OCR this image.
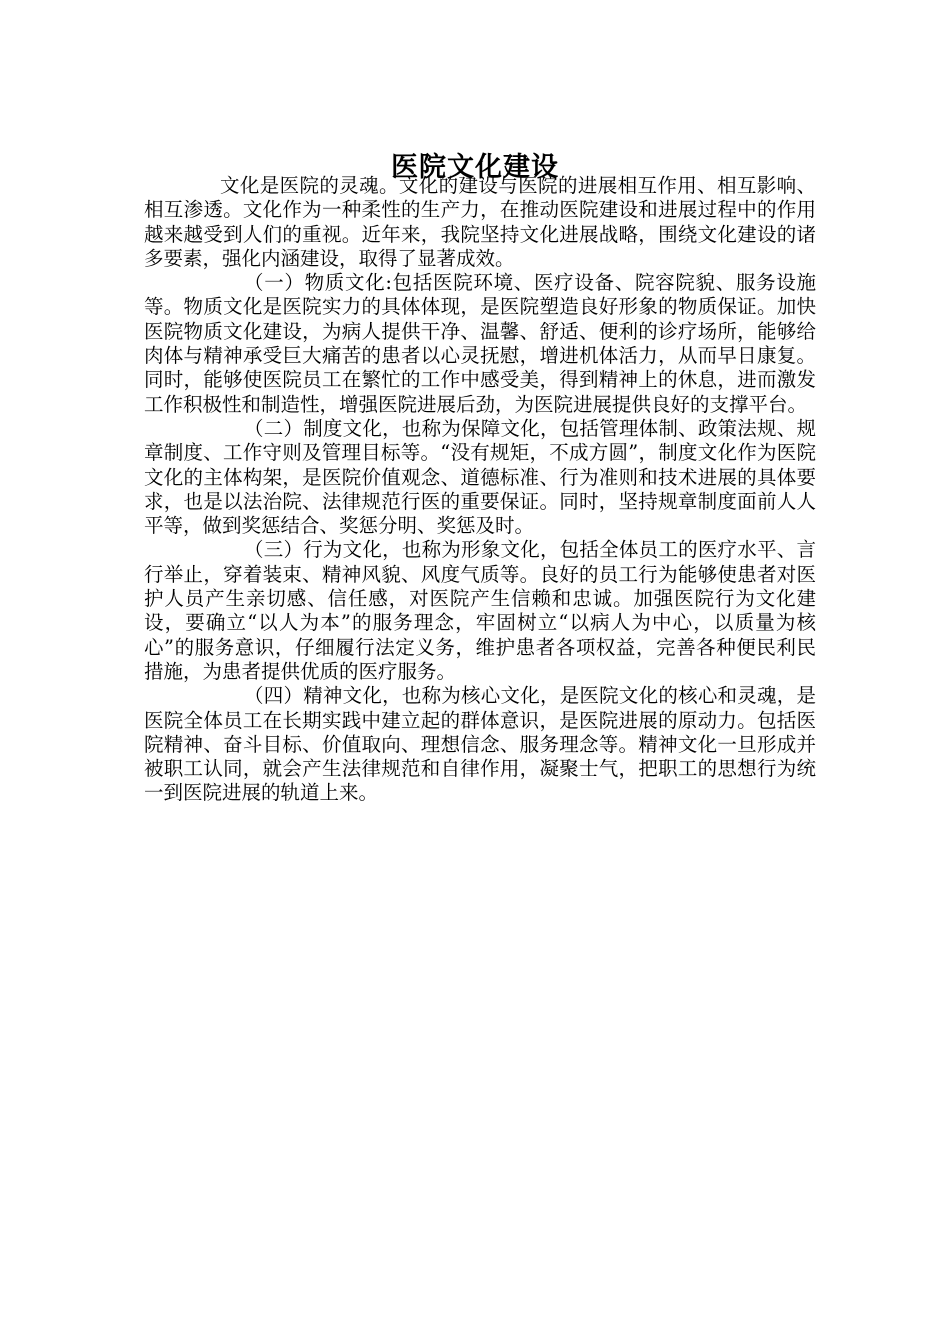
医院文化建设

文化是医院的灵魂。文化的建设与医院的进展相互作用、相互影响、相互渗透。文化作为一种柔性的生产力，在推动医院建设和进展过程中的作用越来越受到人们的重视。近年来，我院坚持文化进展战略，围绕文化建设的诸多要素，强化内涵建设，取得了显著成效。

（一）物质文化:包括医院环境、医疗设备、院容院貌、服务设施等。物质文化是医院实力的具体体现，是医院塑造良好形象的物质保证。加快医院物质文化建设，为病人提供干净、温馨、舒适、便利的诊疗场所，能够给肉体与精神承受巨大痛苦的患者以心灵抚慰，增进机体活力，从而早日康复。同时，能够使医院员工在繁忙的工作中感受美，得到精神上的休息，进而激发工作积极性和制造性，增强医院进展后劲，为医院进展提供良好的支撑平台。

（二）制度文化，也称为保障文化，包括管理体制、政策法规、规章制度、工作守则及管理目标等。“没有规矩，不成方圆”，制度文化作为医院文化的主体构架，是医院价值观念、道德标准、行为准则和技术进展的具体要求，也是以法治院、法律规范行医的重要保证。同时，坚持规章制度面前人人平等，做到奖惩结合、奖惩分明、奖惩及时。

（三）行为文化，也称为形象文化，包括全体员工的医疗水平、言行举止，穿着装束、精神风貌、风度气质等。良好的员工行为能够使患者对医护人员产生亲切感、信任感，对医院产生信赖和忠诚。加强医院行为文化建设，要确立“以人为本”的服务理念，牢固树立“以病人为中心，以质量为核心”的服务意识，仔细履行法定义务，维护患者各项权益，完善各种便民利民措施，为患者提供优质的医疗服务。

（四）精神文化，也称为核心文化，是医院文化的核心和灵魂，是医院全体员工在长期实践中建立起的群体意识，是医院进展的原动力。包括医院精神、奋斗目标、价值取向、理想信念、服务理念等。精神文化一旦形成并被职工认同，就会产生法律规范和自律作用，凝聚士气，把职工的思想行为统一到医院进展的轨道上来。
